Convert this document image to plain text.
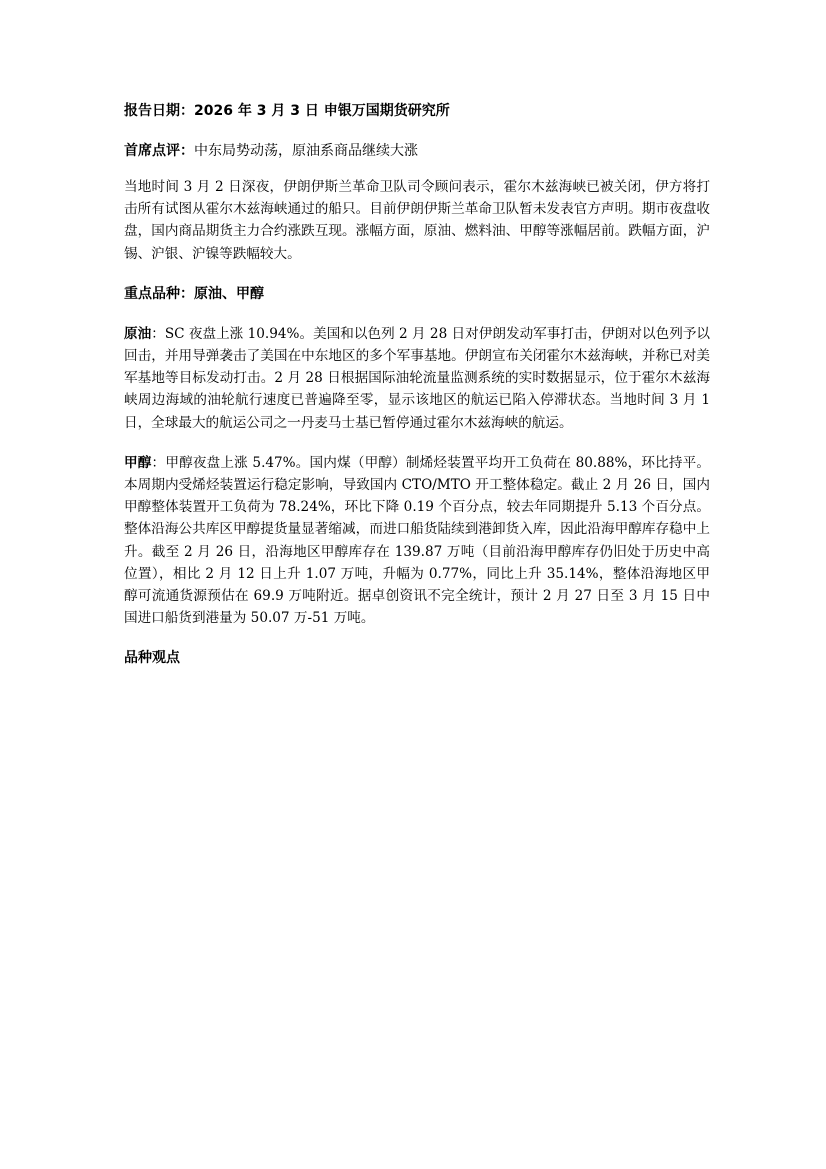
报告日期：2026 年 3 月 3 日 申银万国期货研究所
首席点评：中东局势动荡，原油系商品继续大涨

当地时间 3 月 2 日深夜，伊朗伊斯兰革命卫队司令顾问表示，霍尔木兹海峡已被关闭，伊方将打击所有试图从霍尔木兹海峡通过的船只。目前伊朗伊斯兰革命卫队暂未发表官方声明。期市夜盘收盘，国内商品期货主力合约涨跌互现。涨幅方面，原油、燃料油、甲醇等涨幅居前。跌幅方面，沪锡、沪银、沪镍等跌幅较大。

重点品种：原油、甲醇

原油：SC 夜盘上涨 10.94%。美国和以色列 2 月 28 日对伊朗发动军事打击，伊朗对以色列予以回击，并用导弹袭击了美国在中东地区的多个军事基地。伊朗宣布关闭霍尔木兹海峡，并称已对美军基地等目标发动打击。2 月 28 日根据国际油轮流量监测系统的实时数据显示，位于霍尔木兹海峡周边海域的油轮航行速度已普遍降至零，显示该地区的航运已陷入停滞状态。当地时间 3 月 1 日，全球最大的航运公司之一丹麦马士基已暂停通过霍尔木兹海峡的航运。

甲醇：甲醇夜盘上涨 5.47%。国内煤（甲醇）制烯烃装置平均开工负荷在 80.88%，环比持平。本周期内受烯烃装置运行稳定影响，导致国内 CTO/MTO 开工整体稳定。截止 2 月 26 日，国内甲醇整体装置开工负荷为 78.24%，环比下降 0.19 个百分点，较去年同期提升 5.13 个百分点。整体沿海公共库区甲醇提货量显著缩减，而进口船货陆续到港卸货入库，因此沿海甲醇库存稳中上升。截至 2 月 26 日，沿海地区甲醇库存在 139.87 万吨（目前沿海甲醇库存仍旧处于历史中高位置），相比 2 月 12 日上升 1.07 万吨，升幅为 0.77%，同比上升 35.14%，整体沿海地区甲醇可流通货源预估在 69.9 万吨附近。据卓创资讯不完全统计，预计 2 月 27 日至 3 月 15 日中国进口船货到港量为 50.07 万-51 万吨。

品种观点
